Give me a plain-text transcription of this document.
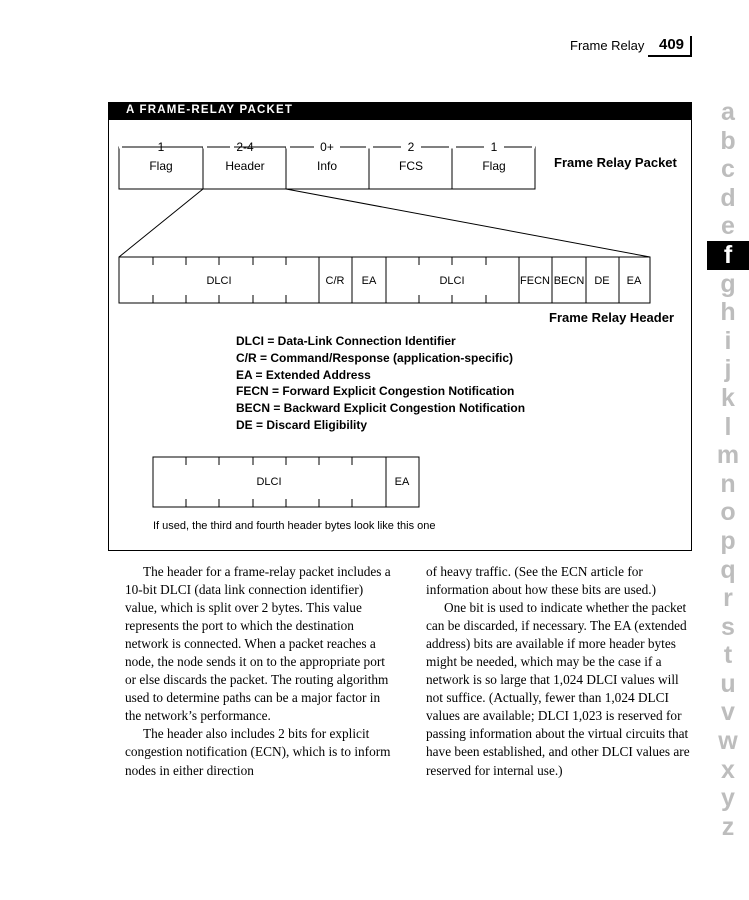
Frame Relay 409
A FRAME-RELAY PACKET
1
Flag
2-4
Header
0+
Info
2
FCS
1
Flag	Frame Relay Packet
DLCI	C/R EA	DLCI	FECN BECN DE EA
Frame Relay Header
DLCI	EA
If used, the third and fourth header bytes look like this one
DLCI = Data-Link Connection Identifier
C/R = Command/Response (application-specific)
EA = Extended Address
FECN = Forward Explicit Congestion Notification
BECN = Backward Explicit Congestion Notification
DE = Discard Eligibility

The header for a frame-relay packet includes a 10-bit DLCI (data link connection identifier) value, which is split over 2 bytes. This value represents the port to which the destination network is connected. When a packet reaches a node, the node sends it on to the appropriate port or else discards the packet. The routing algorithm used to determine paths can be a major factor in the network’s performance.

The header also includes 2 bits for explicit congestion notification (ECN), which is to inform nodes in either direction

of heavy traffic. (See the ECN article for information about how these bits are used.)

One bit is used to indicate whether the packet can be discarded, if necessary. The EA (extended address) bits are available if more header bytes might be needed, which may be the case if a network is so large that 1,024 DLCI values will not suffice. (Actually, fewer than 1,024 DLCI values are available; DLCI 1,023 is reserved for passing information about the virtual circuits that have been established, and other DLCI values are reserved for internal use.)

a
b
c
d
e
f
g
h
i
j
k
l
m
n
o
p
q
r
s
t
u
v
w
x
y
z
